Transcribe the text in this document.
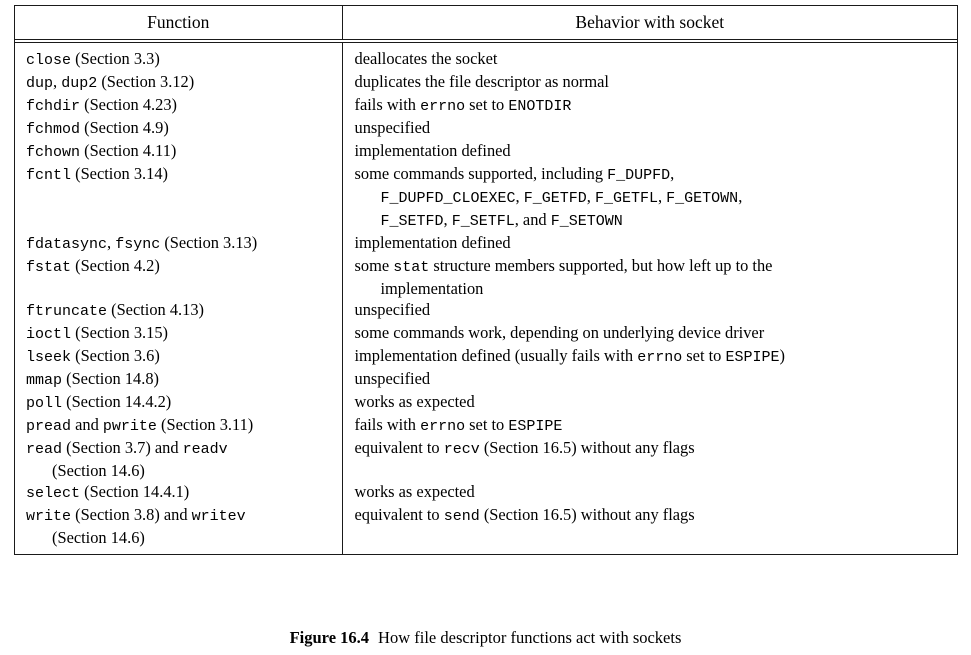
Function	Behavior with socket

close (Section 3.3)	deallocates the socket

dup, dup2 (Section 3.12)	duplicates the file descriptor as normal

fchdir (Section 4.23)	fails with errno set to ENOTDIR

fchmod (Section 4.9)	unspecified

fchown (Section 4.11)	implementation defined

fcntl (Section 3.14)	some commands supported, including F_DUPFD,
F_DUPFD_CLOEXEC, F_GETFD, F_GETFL, F_GETOWN,
F_SETFD, F_SETFL, and F_SETOWN

fdatasync, fsync (Section 3.13)	implementation defined

fstat (Section 4.2)	some stat structure members supported, but how left up to the
implementation

ftruncate (Section 4.13)	unspecified

ioctl (Section 3.15)	some commands work, depending on underlying device driver

lseek (Section 3.6)	implementation defined (usually fails with errno set to ESPIPE)

mmap (Section 14.8)	unspecified

poll (Section 14.4.2)	works as expected

pread and pwrite (Section 3.11)	fails with errno set to ESPIPE

read (Section 3.7) and readv
(Section 14.6)	equivalent to recv (Section 16.5) without any flags

select (Section 14.4.1)	works as expected

write (Section 3.8) and writev
(Section 14.6)	equivalent to send (Section 16.5) without any flags
Figure 16.4 How file descriptor functions act with sockets
